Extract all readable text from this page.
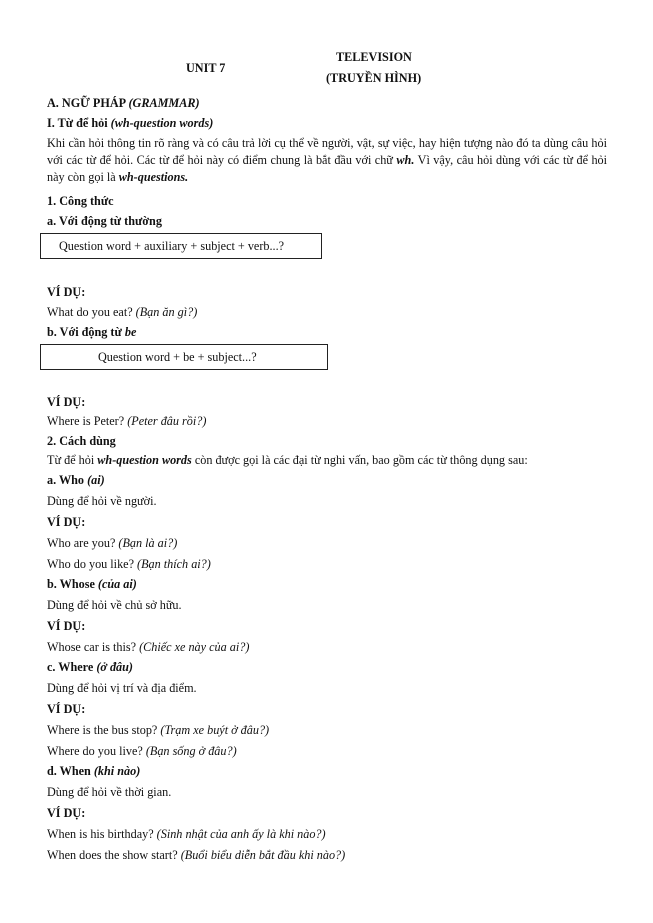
UNIT 7
TELEVISION
(TRUYỀN HÌNH)
A. NGỮ PHÁP (GRAMMAR)
I. Từ để hỏi (wh-question words)
Khi cần hỏi thông tin rõ ràng và có câu trả lời cụ thể về người, vật, sự việc, hay hiện tượng nào đó ta dùng câu hỏi với các từ để hỏi. Các từ để hỏi này có điểm chung là bắt đầu với chữ wh. Vì vậy, câu hỏi dùng với các từ để hỏi này còn gọi là wh-questions.
1. Công thức
a. Với động từ thường
Question word + auxiliary + subject + verb...?
VÍ DỤ:
What do you eat? (Bạn ăn gì?)
b. Với động từ be
Question word + be + subject...?
VÍ DỤ:
Where is Peter? (Peter đâu rồi?)
2. Cách dùng
Từ để hỏi wh-question words còn được gọi là các đại từ nghi vấn, bao gồm các từ thông dụng sau:
a. Who (ai)
Dùng để hỏi về người.
VÍ DỤ:
Who are you? (Bạn là ai?)
Who do you like? (Bạn thích ai?)
b. Whose (của ai)
Dùng để hỏi về chủ sở hữu.
VÍ DỤ:
Whose car is this? (Chiếc xe này của ai?)
c. Where (ở đâu)
Dùng để hỏi vị trí và địa điểm.
VÍ DỤ:
Where is the bus stop? (Trạm xe buýt ở đâu?)
Where do you live? (Bạn sống ở đâu?)
d. When (khi nào)
Dùng để hỏi về thời gian.
VÍ DỤ:
When is his birthday? (Sinh nhật của anh ấy là khi nào?)
When does the show start? (Buổi biểu diễn bắt đầu khi nào?)
